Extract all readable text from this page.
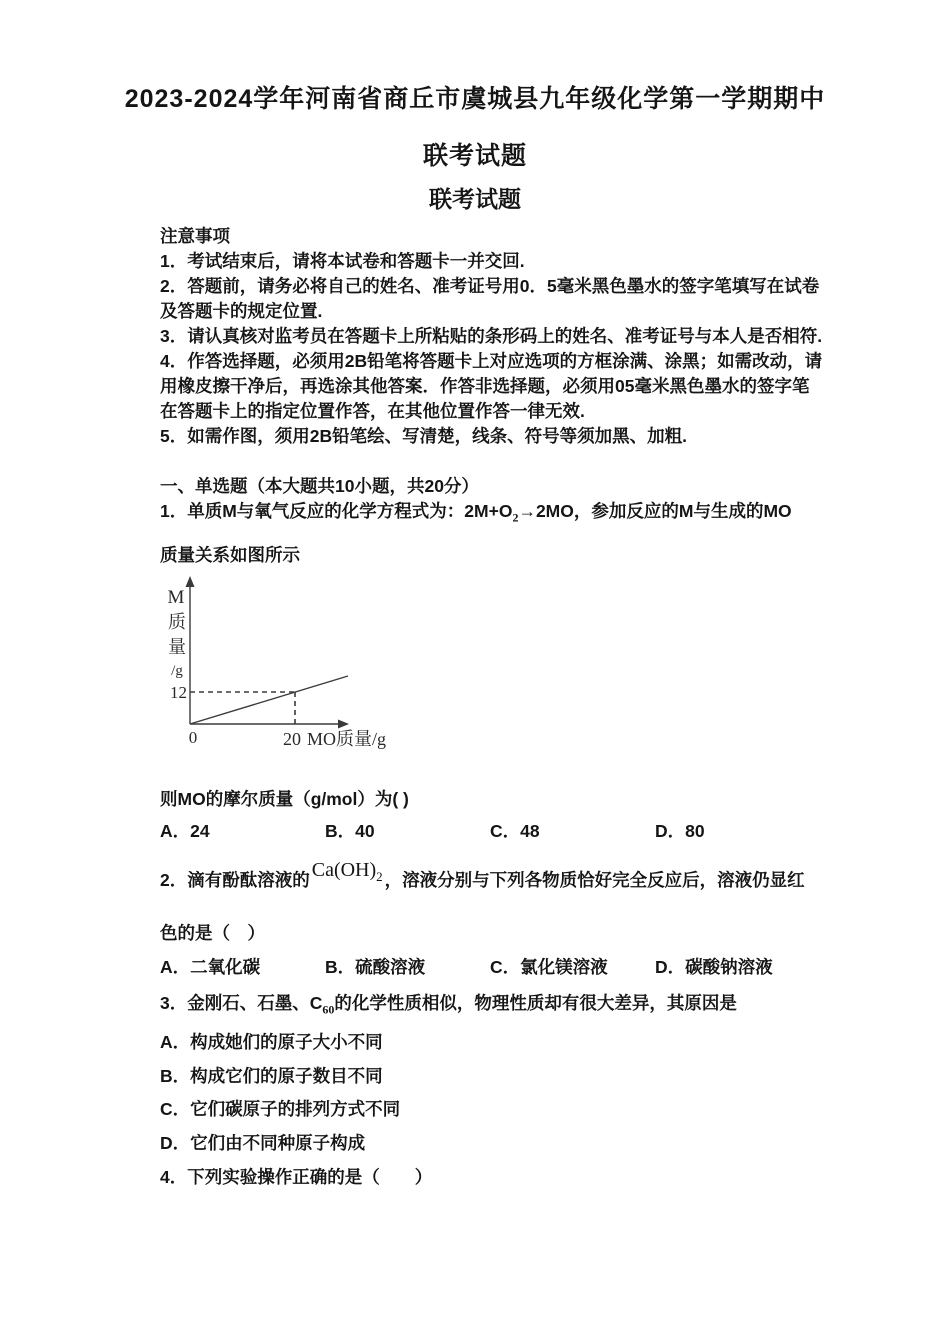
2023-2024学年河南省商丘市虞城县九年级化学第一学期期中
联考试题
联考试题
注意事项
1．考试结束后，请将本试卷和答题卡一并交回.
2．答题前，请务必将自己的姓名、准考证号用0．5毫米黑色墨水的签字笔填写在试卷
及答题卡的规定位置.
3．请认真核对监考员在答题卡上所粘贴的条形码上的姓名、准考证号与本人是否相符.
4．作答选择题，必须用2B铅笔将答题卡上对应选项的方框涂满、涂黑；如需改动，请
用橡皮擦干净后，再选涂其他答案．作答非选择题，必须用05毫米黑色墨水的签字笔
在答题卡上的指定位置作答，在其他位置作答一律无效.
5．如需作图，须用2B铅笔绘、写清楚，线条、符号等须加黑、加粗.
一、单选题（本大题共10小题，共20分）
1．单质M与氧气反应的化学方程式为：$2M+O_2\to 2MO$，参加反应的M与生成的MO
质量关系如图所示
M
质
量
/g
12
0	20 MO质量/g
则MO的摩尔质量（g/mol）为( )
A．24	B．40	C．48	D．80
2．滴有酚酞溶液的 $Ca(OH)_2$ ，溶液分别与下列各物质恰好完全反应后，溶液仍显红
色的是（　）
A．二氧化碳	B．硫酸溶液	C．氯化镁溶液	D．碳酸钠溶液
3．金刚石、石墨、$C_{60}$的化学性质相似，物理性质却有很大差异，其原因是
A．构成她们的原子大小不同
B．构成它们的原子数目不同
C．它们碳原子的排列方式不同
D．它们由不同种原子构成
4．下列实验操作正确的是（　　）
